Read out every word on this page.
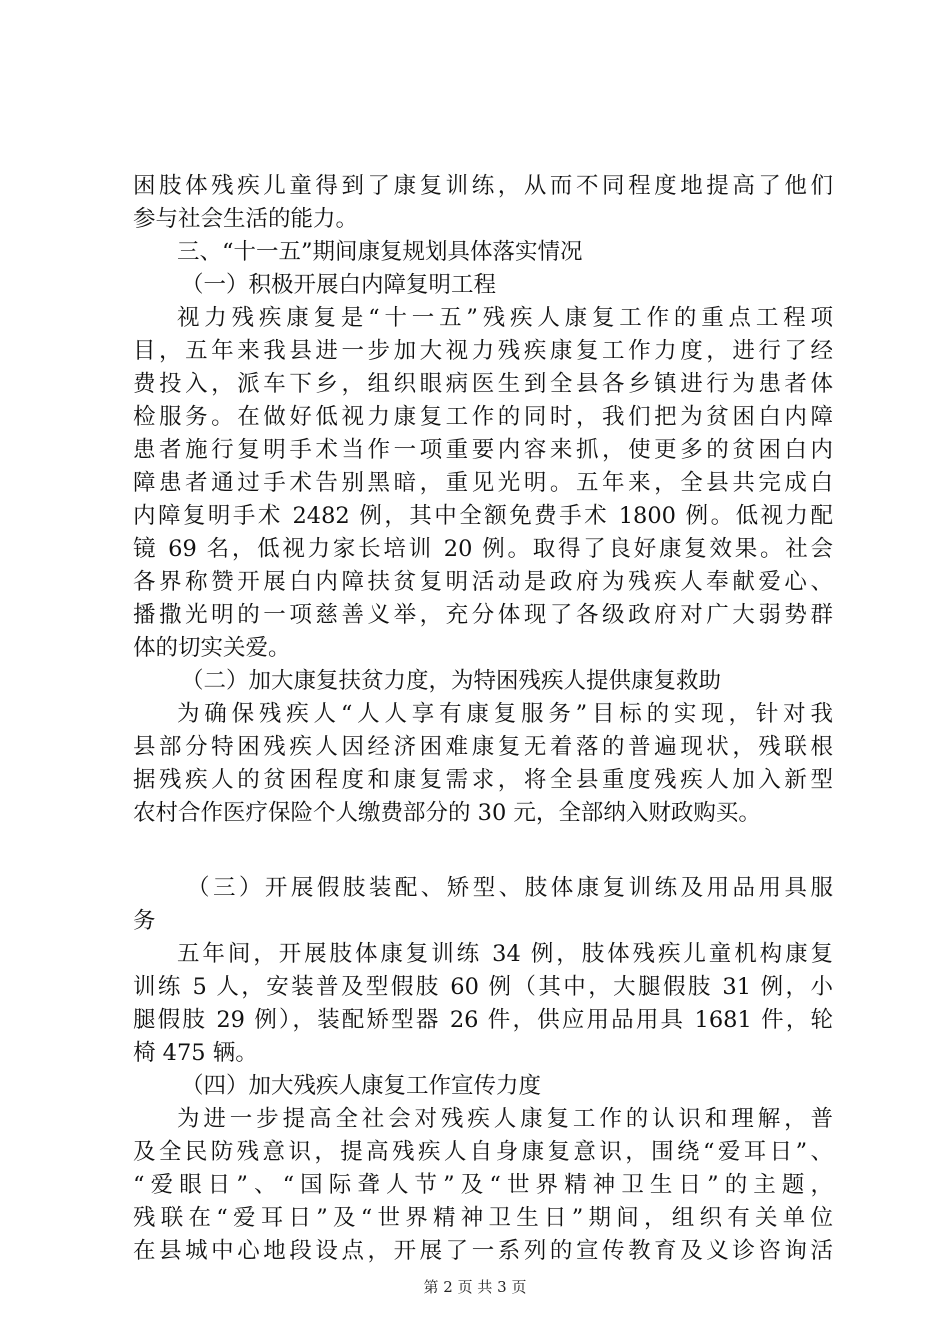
困肢体残疾儿童得到了康复训练，从而不同程度地提高了他们
参与社会生活的能力。
三、“十一五”期间康复规划具体落实情况
（一）积极开展白内障复明工程
视力残疾康复是“十一五”残疾人康复工作的重点工程项
目，五年来我县进一步加大视力残疾康复工作力度，进行了经
费投入，派车下乡，组织眼病医生到全县各乡镇进行为患者体
检服务。在做好低视力康复工作的同时，我们把为贫困白内障
患者施行复明手术当作一项重要内容来抓，使更多的贫困白内
障患者通过手术告别黑暗，重见光明。五年来，全县共完成白
内障复明手术 2482 例，其中全额免费手术 1800 例。低视力配
镜 69 名，低视力家长培训 20 例。取得了良好康复效果。社会
各界称赞开展白内障扶贫复明活动是政府为残疾人奉献爱心、
播撒光明的一项慈善义举，充分体现了各级政府对广大弱势群
体的切实关爱。
（二）加大康复扶贫力度，为特困残疾人提供康复救助
为确保残疾人“人人享有康复服务”目标的实现，针对我
县部分特困残疾人因经济困难康复无着落的普遍现状，残联根
据残疾人的贫困程度和康复需求，将全县重度残疾人加入新型
农村合作医疗保险个人缴费部分的 30 元，全部纳入财政购买。
（三）开展假肢装配、矫型、肢体康复训练及用品用具服
务
五年间，开展肢体康复训练 34 例，肢体残疾儿童机构康复
训练 5 人，安装普及型假肢 60 例（其中，大腿假肢 31 例，小
腿假肢 29 例），装配矫型器 26 件，供应用品用具 1681 件，轮
椅 475 辆。
（四）加大残疾人康复工作宣传力度
为进一步提高全社会对残疾人康复工作的认识和理解，普
及全民防残意识，提高残疾人自身康复意识，围绕“爱耳日”、
“爱眼日”、“国际聋人节”及“世界精神卫生日”的主题，
残联在“爱耳日”及“世界精神卫生日”期间，组织有关单位
在县城中心地段设点，开展了一系列的宣传教育及义诊咨询活
第 2 页 共 3 页
